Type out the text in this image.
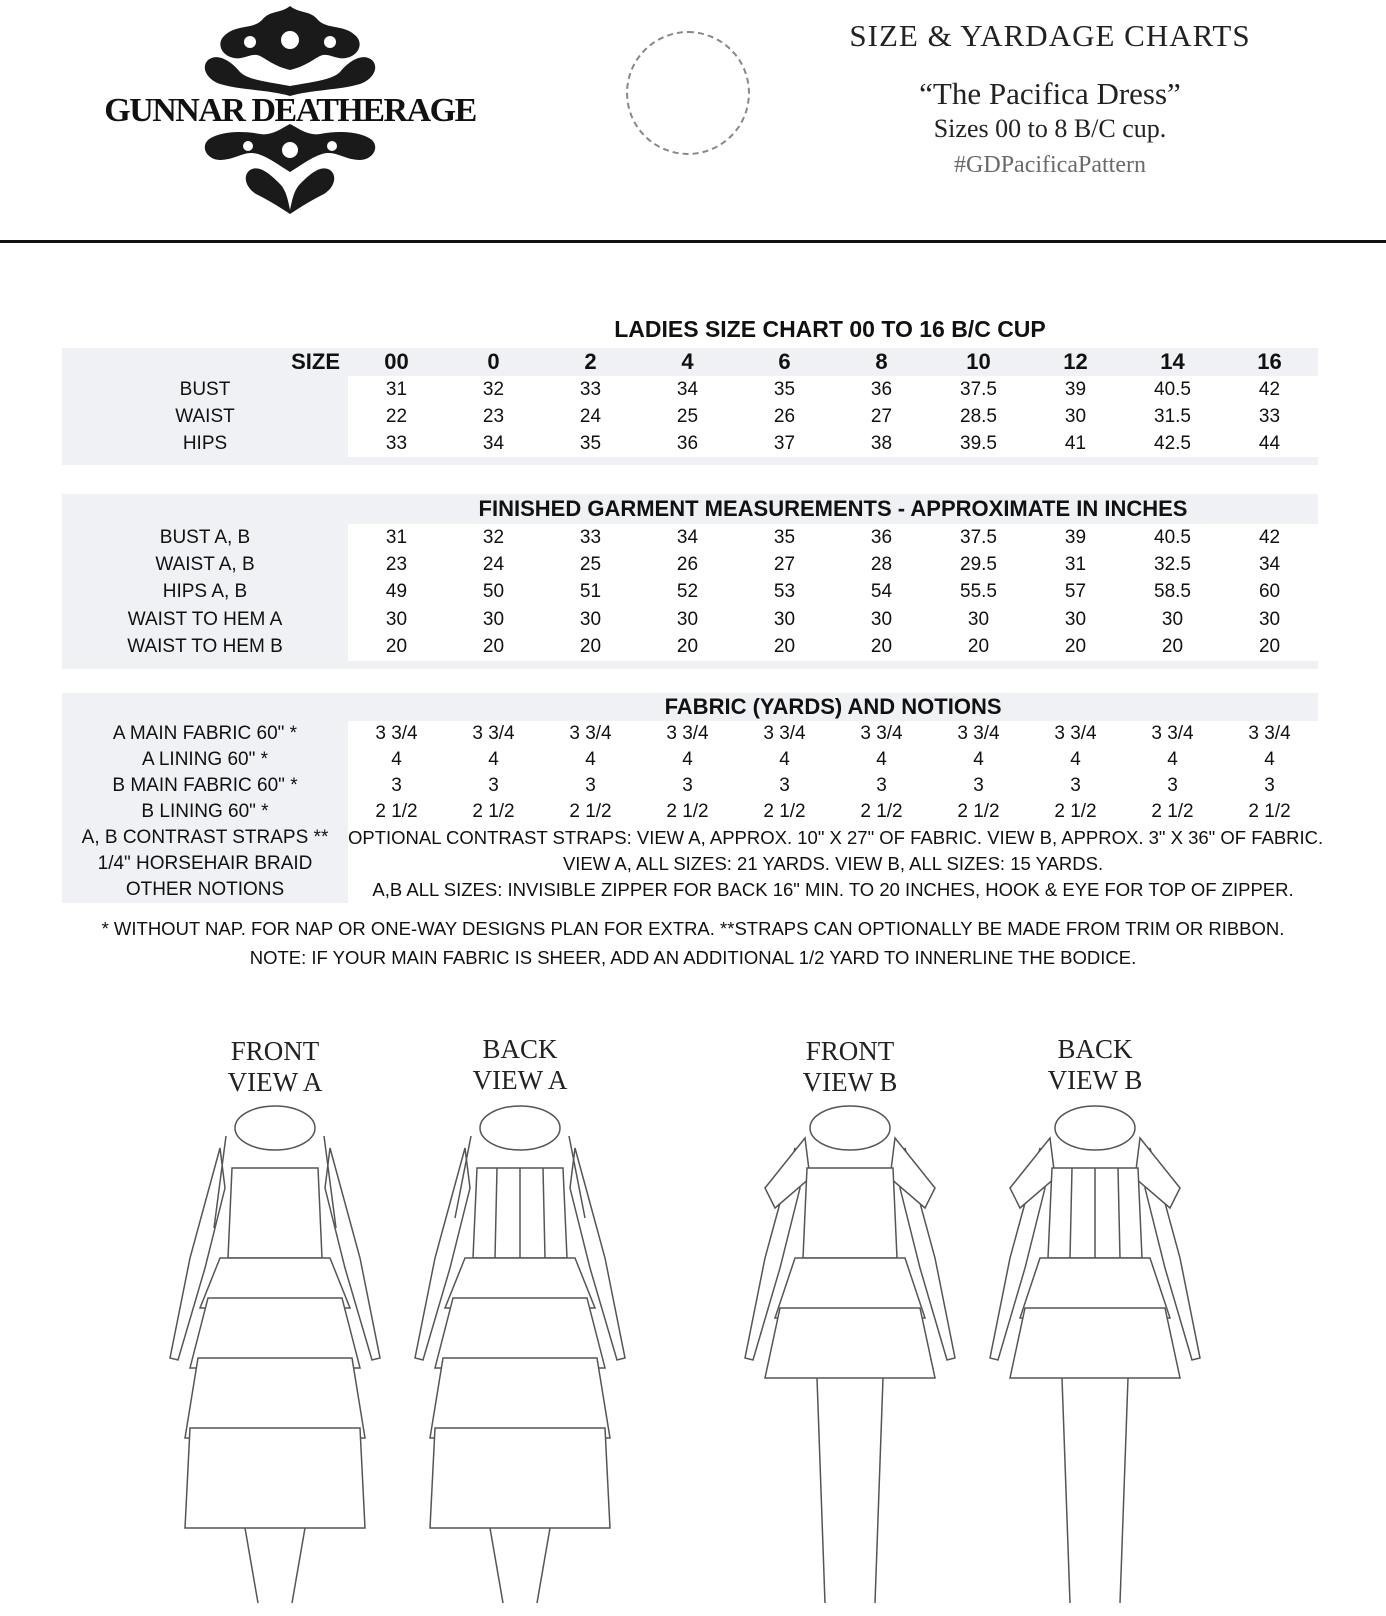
GUNNAR DEATHERAGE
SIZE & YARDAGE CHARTS
“The Pacifica Dress”
Sizes 00 to 8 B/C cup.
#GDPacificaPattern
LADIES SIZE CHART 00 TO 16 B/C CUP
SIZE	00	0	2	4	6	8	10	12	14	16
BUST	31	32	33	34	35	36	37.5	39	40.5	42
WAIST	22	23	24	25	26	27	28.5	30	31.5	33
HIPS	33	34	35	36	37	38	39.5	41	42.5	44

	FINISHED GARMENT MEASUREMENTS - APPROXIMATE IN INCHES									
BUST A, B	31	32	33	34	35	36	37.5	39	40.5	42
WAIST A, B	23	24	25	26	27	28	29.5	31	32.5	34
HIPS A, B	49	50	51	52	53	54	55.5	57	58.5	60
WAIST TO HEM A	30	30	30	30	30	30	30	30	30	30
WAIST TO HEM B	20	20	20	20	20	20	20	20	20	20

	FABRIC (YARDS) AND NOTIONS									
A MAIN FABRIC 60" *	3 3/4	3 3/4	3 3/4	3 3/4	3 3/4	3 3/4	3 3/4	3 3/4	3 3/4	3 3/4
A LINING 60" *	4	4	4	4	4	4	4	4	4	4
B MAIN FABRIC 60" *	3	3	3	3	3	3	3	3	3	3
B LINING 60" *	2 1/2	2 1/2	2 1/2	2 1/2	2 1/2	2 1/2	2 1/2	2 1/2	2 1/2	2 1/2
A, B CONTRAST STRAPS **	OPTIONAL CONTRAST STRAPS: VIEW A, APPROX. 10" X 27" OF FABRIC. VIEW B, APPROX. 3" X 36" OF FABRIC.									
1/4" HORSEHAIR BRAID	VIEW A, ALL SIZES: 21 YARDS. VIEW B, ALL SIZES: 15 YARDS.									
OTHER NOTIONS	A,B ALL SIZES: INVISIBLE ZIPPER FOR BACK 16" MIN. TO 20 INCHES, HOOK & EYE FOR TOP OF ZIPPER.									
* WITHOUT NAP. FOR NAP OR ONE-WAY DESIGNS PLAN FOR EXTRA. **STRAPS CAN OPTIONALLY BE MADE FROM TRIM OR RIBBON.
NOTE: IF YOUR MAIN FABRIC IS SHEER, ADD AN ADDITIONAL 1/2 YARD TO INNERLINE THE BODICE.
FRONT
VIEW A
BACK
VIEW A
FRONT
VIEW B
BACK
VIEW B
